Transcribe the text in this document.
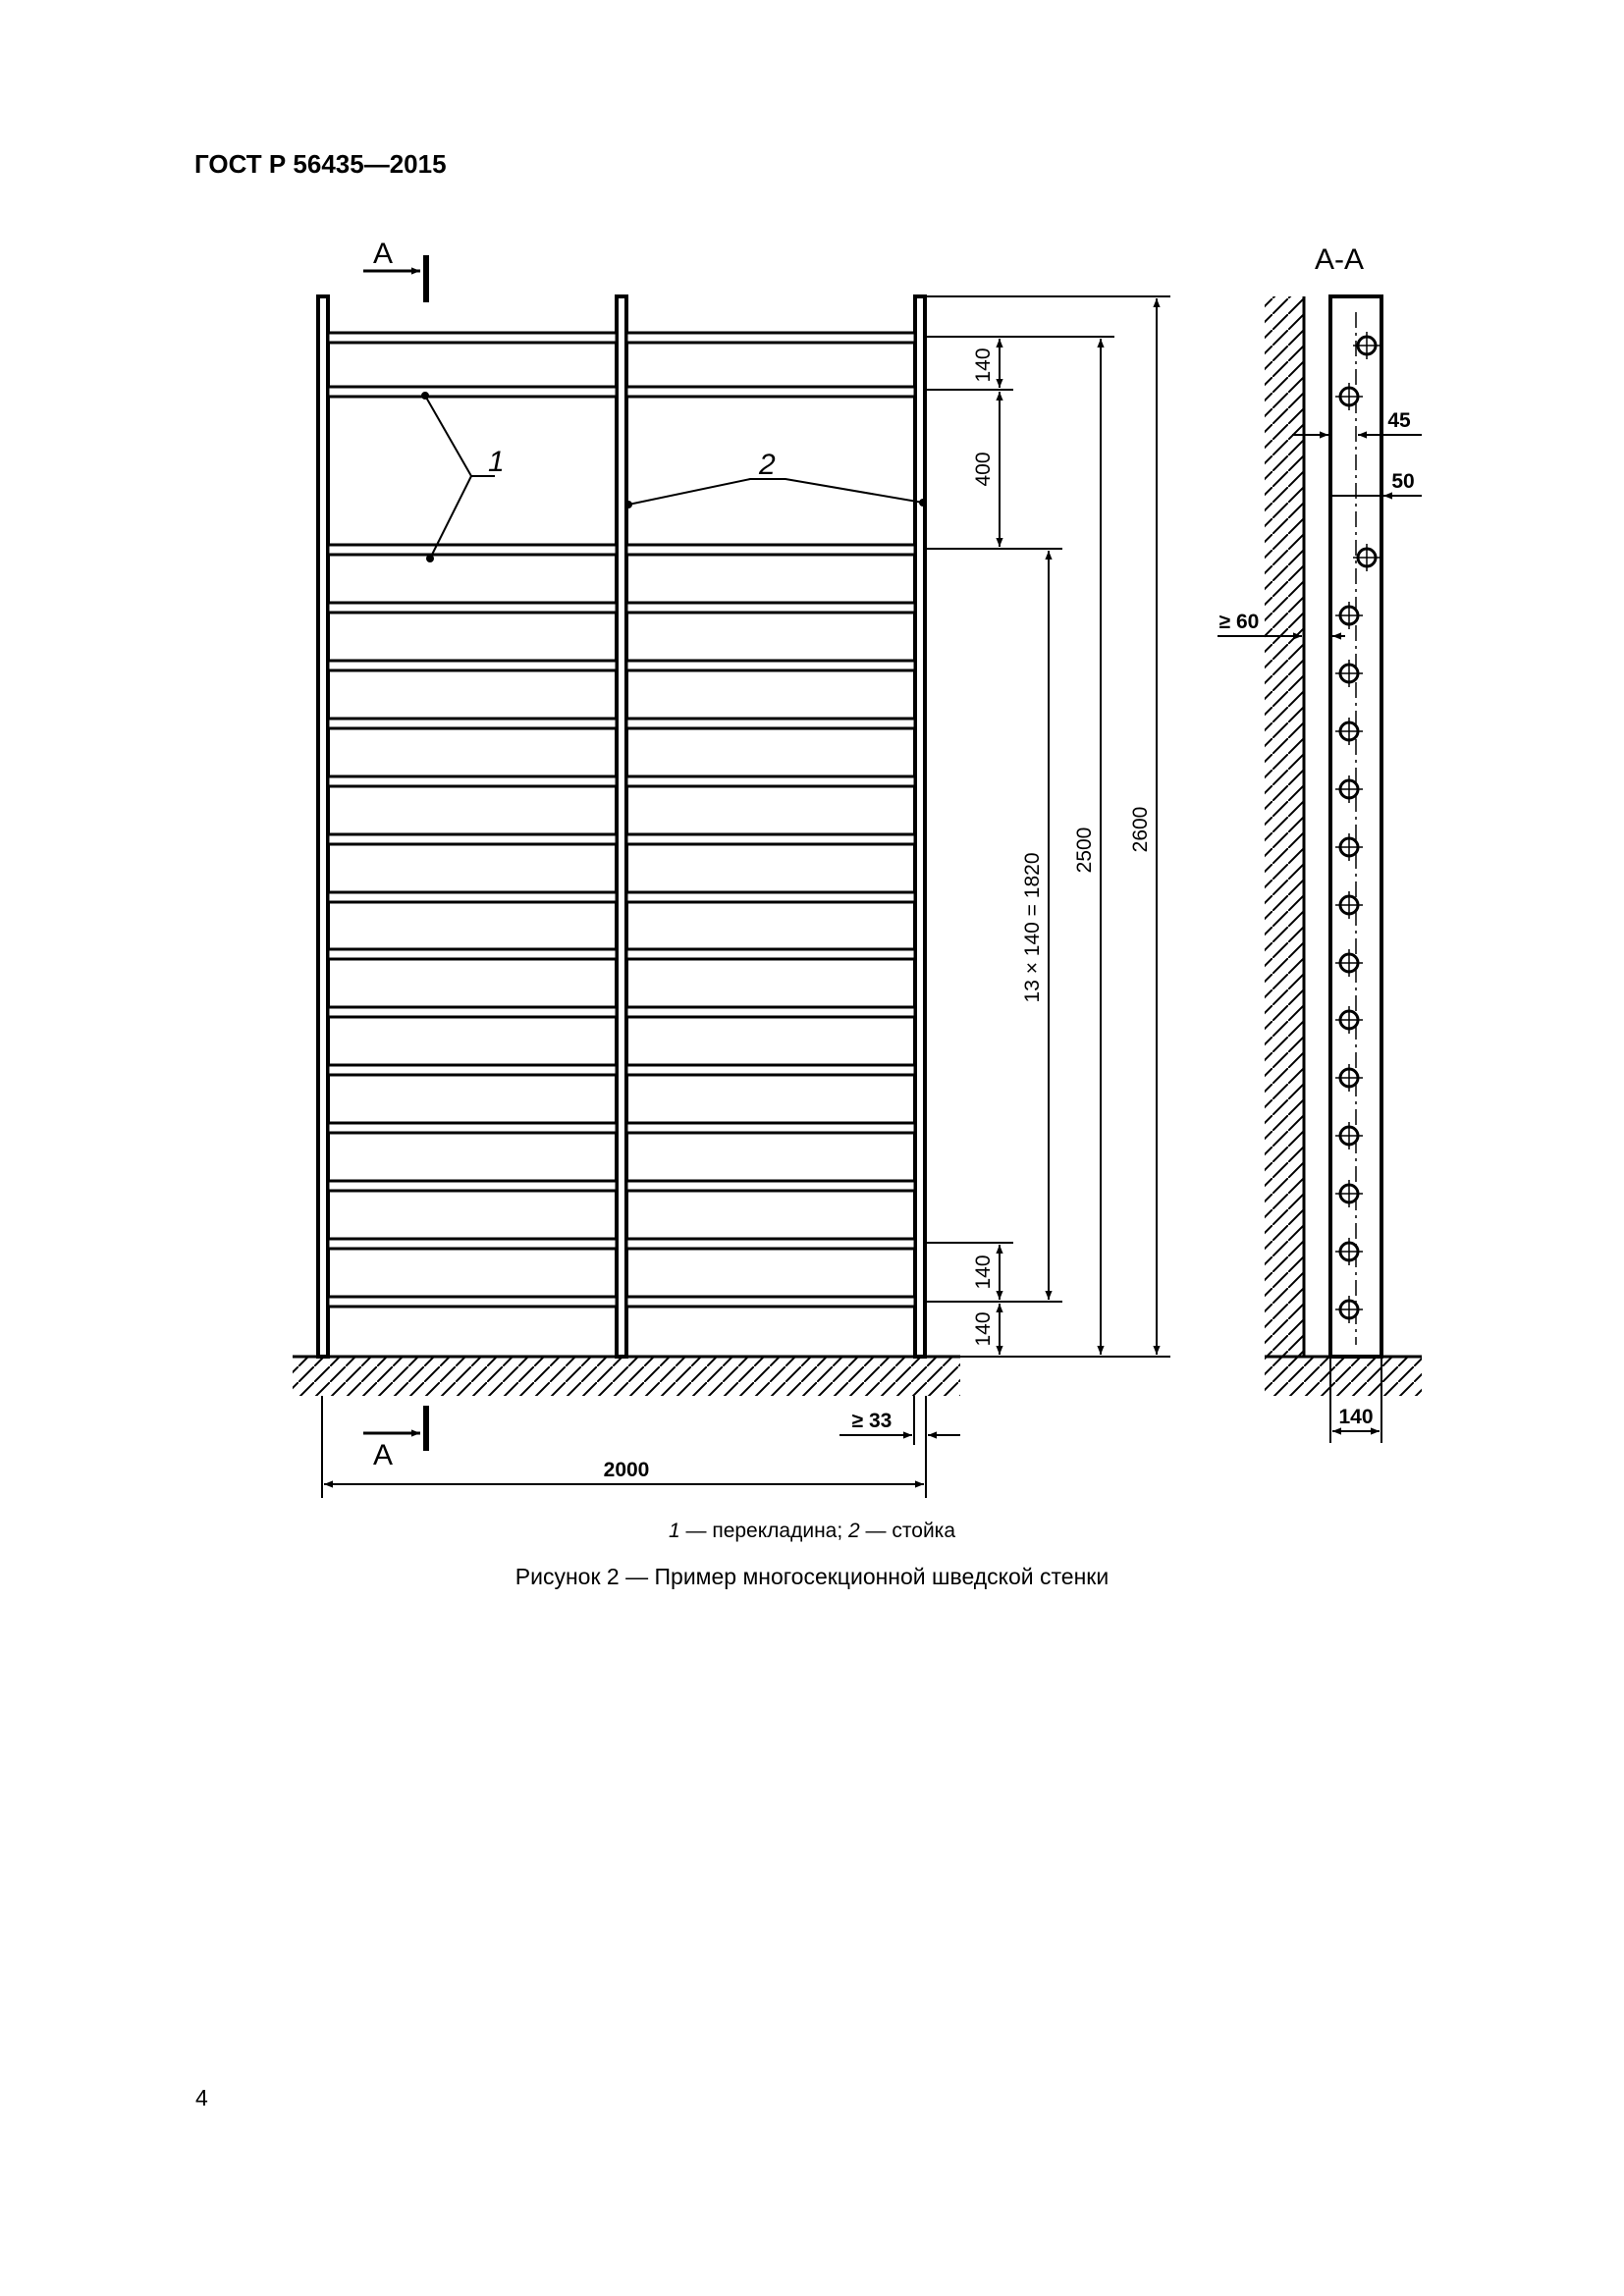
ГОСТ Р 56435—2015
А
А
1	2
140
400
13 × 140 = 1820
2500 2600
140
140
2000
≥ 33
А-А
45
50
≥ 60
140
1 — перекладина; 2 — стойка
Рисунок 2 — Пример многосекционной шведской стенки
4
